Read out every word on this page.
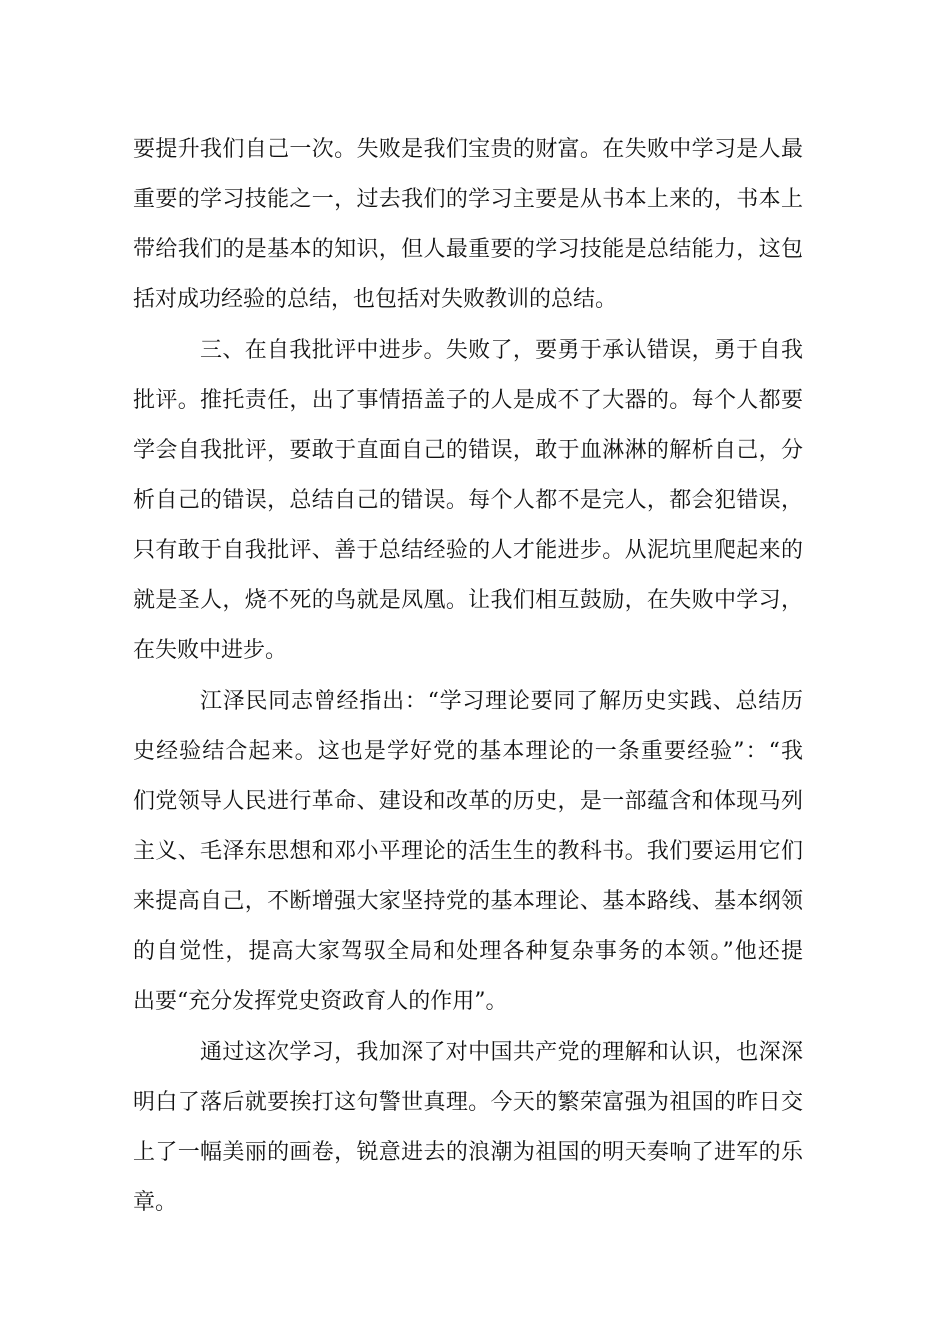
要提升我们自己一次。失败是我们宝贵的财富。在失败中学习是人最
重要的学习技能之一，过去我们的学习主要是从书本上来的，书本上
带给我们的是基本的知识，但人最重要的学习技能是总结能力，这包
括对成功经验的总结，也包括对失败教训的总结。
三、在自我批评中进步。失败了，要勇于承认错误，勇于自我
批评。推托责任，出了事情捂盖子的人是成不了大器的。每个人都要
学会自我批评，要敢于直面自己的错误，敢于血淋淋的解析自己，分
析自己的错误，总结自己的错误。每个人都不是完人，都会犯错误，
只有敢于自我批评、善于总结经验的人才能进步。从泥坑里爬起来的
就是圣人，烧不死的鸟就是凤凰。让我们相互鼓励，在失败中学习，
在失败中进步。
江泽民同志曾经指出：“学习理论要同了解历史实践、总结历
史经验结合起来。这也是学好党的基本理论的一条重要经验”：“我
们党领导人民进行革命、建设和改革的历史，是一部蕴含和体现马列
主义、毛泽东思想和邓小平理论的活生生的教科书。我们要运用它们
来提高自己，不断增强大家坚持党的基本理论、基本路线、基本纲领
的自觉性，提高大家驾驭全局和处理各种复杂事务的本领。”他还提
出要“充分发挥党史资政育人的作用”。
通过这次学习，我加深了对中国共产党的理解和认识，也深深
明白了落后就要挨打这句警世真理。今天的繁荣富强为祖国的昨日交
上了一幅美丽的画卷，锐意进去的浪潮为祖国的明天奏响了进军的乐
章。
